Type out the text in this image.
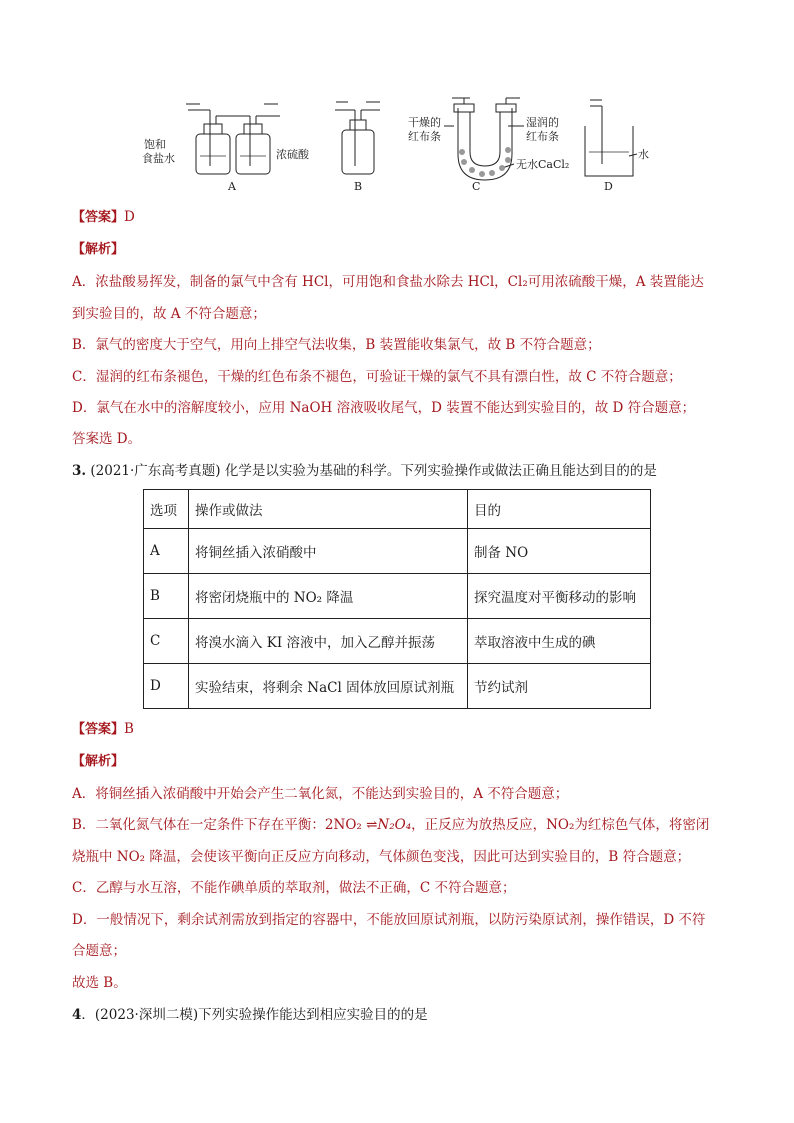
饱和
食盐水	浓硫酸
干燥的
红布条
湿润的
红布条
无水CaCl₂
水
A	B	C	D
【答案】D
【解析】
A．浓盐酸易挥发，制备的氯气中含有 HCl，可用饱和食盐水除去 HCl，Cl₂可用浓硫酸干燥，A 装置能达
到实验目的，故 A 不符合题意；
B．氯气的密度大于空气，用向上排空气法收集，B 装置能收集氯气，故 B 不符合题意；
C．湿润的红布条褪色，干燥的红色布条不褪色，可验证干燥的氯气不具有漂白性，故 C 不符合题意；
D．氯气在水中的溶解度较小，应用 NaOH 溶液吸收尾气，D 装置不能达到实验目的，故 D 符合题意；
答案选 D。
3. (2021·广东高考真题) 化学是以实验为基础的科学。下列实验操作或做法正确且能达到目的的是
选项	操作或做法	目的
A	将铜丝插入浓硝酸中	制备 NO
B	将密闭烧瓶中的 NO₂ 降温	探究温度对平衡移动的影响
C	将溴水滴入 KI 溶液中，加入乙醇并振荡	萃取溶液中生成的碘
D	实验结束，将剩余 NaCl 固体放回原试剂瓶	节约试剂
【答案】B
【解析】
A．将铜丝插入浓硝酸中开始会产生二氧化氮，不能达到实验目的，A 不符合题意；
B．二氧化氮气体在一定条件下存在平衡：2NO₂ ⇌N₂O₄，正反应为放热反应，NO₂为红棕色气体，将密闭
烧瓶中 NO₂ 降温，会使该平衡向正反应方向移动，气体颜色变浅，因此可达到实验目的，B 符合题意；
C．乙醇与水互溶，不能作碘单质的萃取剂，做法不正确，C 不符合题意；
D．一般情况下，剩余试剂需放到指定的容器中，不能放回原试剂瓶，以防污染原试剂，操作错误，D 不符
合题意；
故选 B。
4．(2023·深圳二模)下列实验操作能达到相应实验目的的是
